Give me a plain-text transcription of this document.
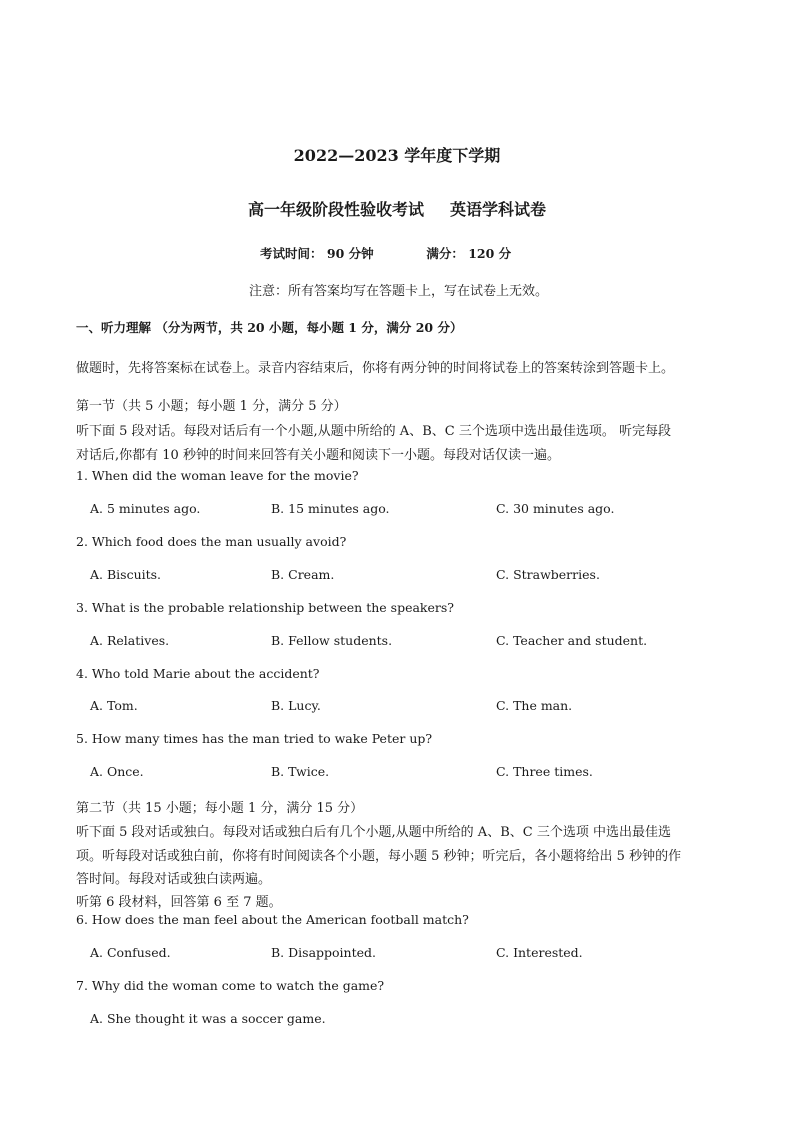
2022—2023 学年度下学期
高一年级阶段性验收考试 英语学科试卷
考试时间： 90 分钟	满分： 120 分
注意：所有答案均写在答题卡上，写在试卷上无效。
一、听力理解 （分为两节，共 20 小题，每小题 1 分，满分 20 分）
做题时，先将答案标在试卷上。录音内容结束后，你将有两分钟的时间将试卷上的答案转涂到答题卡上。
第一节（共 5 小题；每小题 1 分，满分 5 分）
听下面 5 段对话。每段对话后有一个小题,从题中所给的 A、B、C 三个选项中选出最佳选项。 听完每段
对话后,你都有 10 秒钟的时间来回答有关小题和阅读下一小题。每段对话仅读一遍。
1. When did the woman leave for the movie?
A. 5 minutes ago.	B. 15 minutes ago.	C. 30 minutes ago.
2. Which food does the man usually avoid?
A. Biscuits.	B. Cream.	C. Strawberries.
3. What is the probable relationship between the speakers?
A. Relatives.	B. Fellow students.	C. Teacher and student.
4. Who told Marie about the accident?
A. Tom.	B. Lucy.	C. The man.
5. How many times has the man tried to wake Peter up?
A. Once.	B. Twice.	C. Three times.
第二节（共 15 小题；每小题 1 分，满分 15 分）
听下面 5 段对话或独白。每段对话或独白后有几个小题,从题中所给的 A、B、C 三个选项 中选出最佳选
项。听每段对话或独白前，你将有时间阅读各个小题，每小题 5 秒钟；听完后，各小题将给出 5 秒钟的作
答时间。每段对话或独白读两遍。
听第 6 段材料，回答第 6 至 7 题。
6. How does the man feel about the American football match?
A. Confused.	B. Disappointed.	C. Interested.
7. Why did the woman come to watch the game?
A. She thought it was a soccer game.
